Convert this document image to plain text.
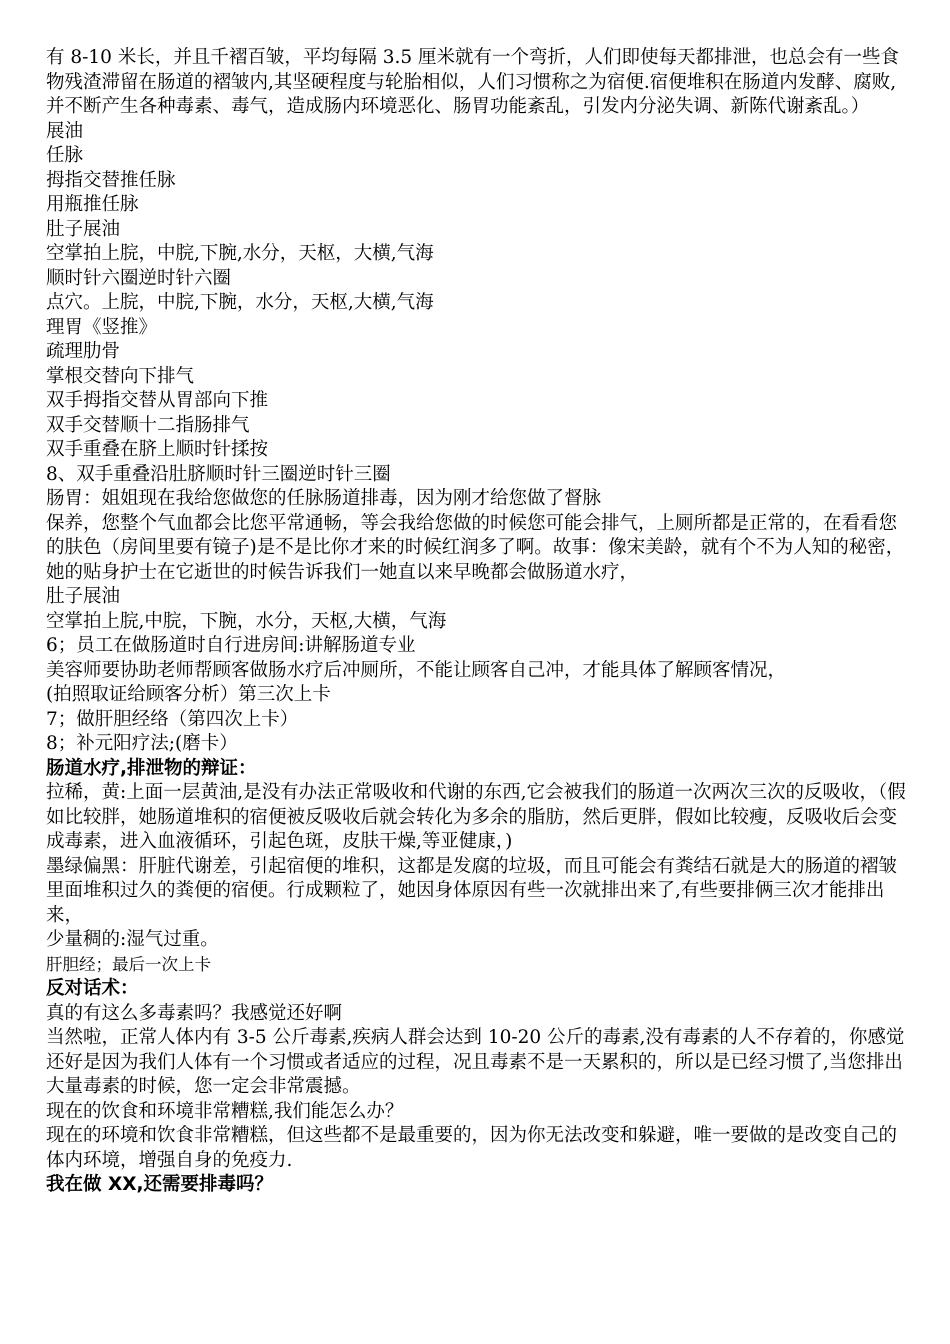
有 8-10 米长，并且千褶百皱，平均每隔 3.5 厘米就有一个弯折，人们即使每天都排泄，也总会有一些食物残渣滞留在肠道的褶皱内,其坚硬程度与轮胎相似，人们习惯称之为宿便.宿便堆积在肠道内发酵、腐败,并不断产生各种毒素、毒气，造成肠内环境恶化、肠胃功能紊乱，引发内分泌失调、新陈代谢紊乱。）
展油
任脉
拇指交替推任脉
用瓶推任脉
肚子展油
空掌拍上脘，中脘,下腕,水分，天枢，大横,气海
顺时针六圈逆时针六圈
点穴。上脘，中脘,下腕，水分，天枢,大横,气海
理胃《竖推》
疏理肋骨
掌根交替向下排气
双手拇指交替从胃部向下推
双手交替顺十二指肠排气
双手重叠在脐上顺时针揉按
8、双手重叠沿肚脐顺时针三圈逆时针三圈
肠胃：姐姐现在我给您做您的任脉肠道排毒，因为刚才给您做了督脉
保养，您整个气血都会比您平常通畅，等会我给您做的时候您可能会排气，上厕所都是正常的，在看看您的肤色（房间里要有镜子)是不是比你才来的时候红润多了啊。故事：像宋美龄，就有个不为人知的秘密，她的贴身护士在它逝世的时候告诉我们一她直以来早晚都会做肠道水疗，
肚子展油
空掌拍上脘,中脘，下腕，水分，天枢,大横，气海
6；员工在做肠道时自行进房间:讲解肠道专业
美容师要协助老师帮顾客做肠水疗后冲厕所，不能让顾客自己冲，才能具体了解顾客情况，
(拍照取证给顾客分析）第三次上卡
7；做肝胆经络（第四次上卡）
8；补元阳疗法;(磨卡）
肠道水疗,排泄物的辩证：
拉稀，黄:上面一层黄油,是没有办法正常吸收和代谢的东西,它会被我们的肠道一次两次三次的反吸收，（假如比较胖，她肠道堆积的宿便被反吸收后就会转化为多余的脂肪，然后更胖，假如比较瘦，反吸收后会变成毒素，进入血液循环，引起色斑，皮肤干燥,等亚健康，)
墨绿偏黑：肝脏代谢差，引起宿便的堆积，这都是发腐的垃圾，而且可能会有粪结石就是大的肠道的褶皱里面堆积过久的粪便的宿便。行成颗粒了，她因身体原因有些一次就排出来了,有些要排俩三次才能排出来，
少量稠的:湿气过重。
肝胆经；最后一次上卡
反对话术：
真的有这么多毒素吗？我感觉还好啊
当然啦，正常人体内有 3-5 公斤毒素,疾病人群会达到 10-20 公斤的毒素,没有毒素的人不存着的，你感觉还好是因为我们人体有一个习惯或者适应的过程，况且毒素不是一天累积的，所以是已经习惯了,当您排出大量毒素的时候，您一定会非常震撼。
现在的饮食和环境非常糟糕,我们能怎么办？
现在的环境和饮食非常糟糕，但这些都不是最重要的，因为你无法改变和躲避，唯一要做的是改变自己的体内环境，增强自身的免疫力.
我在做 XX,还需要排毒吗？
